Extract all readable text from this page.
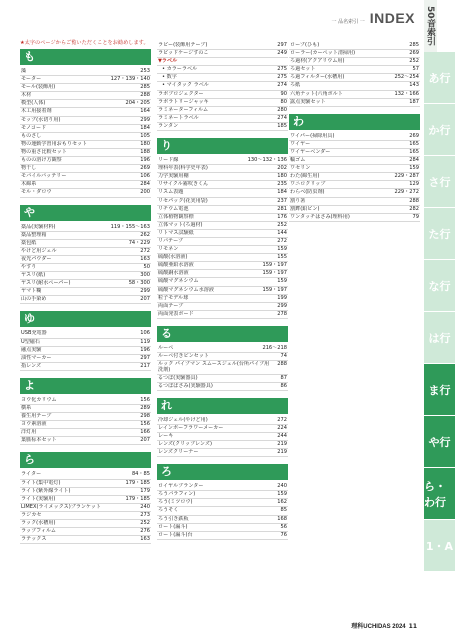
★太字のページからご覧いただくことをお勧めします。
一 品名索引 一 INDEX
も
藻	253
モーター	127・139・140
モール(装飾用)	285
木材	288
模型(人体)	204・205
木工用接着剤	164
モップ(水切り用)	299
モノコード	184
ものさし	105
物の運動学習用おもりセット	180
物の重さ比較セット	188
ものの溶け方観察	196
物干し	269
モバイルバッテリー	106
木綿糸	284
モル・ダロウ	200
や
薬品(実験材料)	119・155〜163
薬品整理箱	262
薬包紙	74・229
やけど用ジェル	272
夜光パウダー	163
やすり	50
ヤスリ(紙)	300
ヤスリ(耐水ペーパー)	58・300
ヤマト糊	299
山の手染め	207
ゆ
USB充電器	106
U型磁石	119
融点実験	196
油性マーカー	297
指レンズ	217
よ
ヨウ化カリウム	156
横糸	289
養生用テープ	298
ヨウ素溶液	156
洋灯用	166
葉脈标本セット	207
ら
ライター	84・85
ライト(集中電灯)	179・185
ライト(紫外線ライト)	179
ライト(実験用)	179・185
LIMEX(ライメックス)ブランケット	240
ラジカセ	273
ラック(水槽用)	252
ラップフィルム	276
ラテックス	163
ラビー(装飾用テープ)	297
ラピッドケージすのこ	249
▼ラベル
• カラーラベル	275
• 数字	275
• マイタック ラベル	274
ラボプロジェクター	90
ラボラトリージャッキ	80
ラミネーターフィルム	280
ラミネートラベル	274
ランタン	185
り
リード線	130〜132・136
理科年表(科学史年表)	202
力学実験用棚	180
リサイクル霧吹きくん	235
リスム表題	184
リセパック(花実用袋)	237
リチウム電池	281
立体植物観察標	176
立体マット(ろ過材)	252
リトマス試験紙	144
リバテープ	272
リモネン	159
硫酸(水溶液)	155
硫酸亜鉛水溶液	159・197
硫酸銅水溶液	159・197
硫酸マグネシウム	159
硫酸マグネシウム水溶液	159・197
粒子モデル球	199
両面テープ	299
両面発表ボード	278
る
ルーペ	216〜218
ルーペ付きピンセット	74
ルック パイプマン スムースジェル(台所パイプ用洗剤)
288
るつぼ(実験器具)	87
るつぼばさみ(実験器具)	86
れ
冷却ジェル(やけど用)	272
レインボーフラワーメーカー	224
レーキ	244
レンズ(クリップレンズ)	219
レンズクリーナー	219
ろ
ロイヤルプランター	240
ろうバラフィン)	159
ろう(ミツロウ)	162
ろうそく	85
ろう引き鉄板	168
ロート(漏斗)	56
ロート(漏斗)台	76
ロープ(ひも)	285
ローラー(カーペット清掃用)	269
ろ過材(アクアリウム用)	252
ろ過セット	57
ろ過フィルター(水槽用)	252〜254
ろ紙	143
六角ナット(六角ボルト	132・166
露点実験セット	187
わ
ワイパー(掃除用具)	269
ワイヤー	165
ワイヤーベンダー	165
輪ゴム	284
ワセリン	159
わた(綿生用)	229・287
ワニロクリップ	129
わらべ(防虫剤)	229・272
割り箸	288
割鉾(鉛ピン)	282
ワンタッチはさみ(理科用)	79
50音索引
あ行
か行
さ行
た行
な行
は行
ま行
や行
ら・わ行
1・A
理科UCHIDAS 2024 11
